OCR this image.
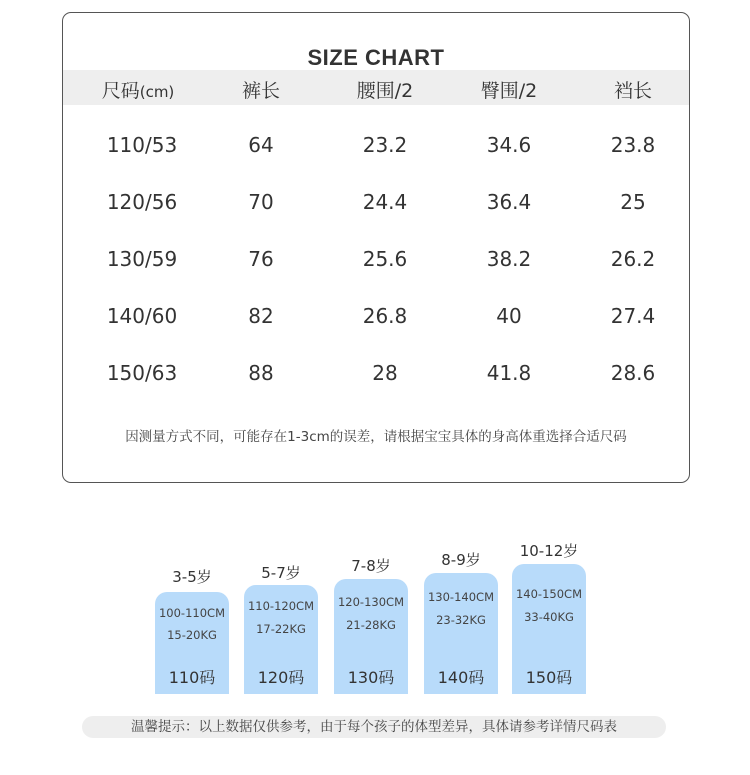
SIZE CHART
尺码(cm)	裤长	腰围/2	臀围/2	裆长
110/53	64	23.2	34.6	23.8
120/56	70	24.4	36.4	25
130/59	76	25.6	38.2	26.2
140/60	82	26.8	40	27.4
150/63	88	28	41.8	28.6
因测量方式不同，可能存在1-3cm的误差，请根据宝宝具体的身高体重选择合适尺码
3-5岁
100-110CM
15-20KG
110码
5-7岁
110-120CM
17-22KG
120码
7-8岁
120-130CM
21-28KG
130码
8-9岁
130-140CM
23-32KG
140码
10-12岁
140-150CM
33-40KG
150码
温馨提示：以上数据仅供参考，由于每个孩子的体型差异，具体请参考详情尺码表
